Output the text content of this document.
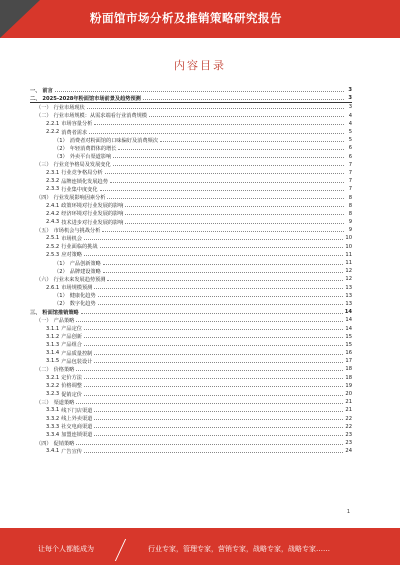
粉面馆市场分析及推销策略研究报告
内容目录
一、 前言	3
二、 2025-2028年粉面馆市场前景及趋势预测	3
（一） 行业市场现状	3
（二） 行业市场规模：从需求端看行业消费规模	4
2.2.1 市场容量分析	4
2.2.2 消费者需求	5
（1） 消费者对粉面馆的口味偏好及消费频次	5
（2） 年轻消费群体的增长	6
（3） 外卖平台渠道影响	6
（三） 行业竞争格局及发展变化	7
2.3.1 行业竞争格局分析	7
2.3.2 品牌连锁化发展趋势	7
2.3.3 行业集中度变化	7
（四） 行业发展影响因素分析	8
2.4.1 政策环境对行业发展的影响	8
2.4.2 经济环境对行业发展的影响	8
2.4.3 技术进步对行业发展的影响	9
（五） 市场机会与挑战分析	9
2.5.1 市场机会	10
2.5.2 行业面临的挑战	10
2.5.3 应对策略	11
（1） 产品创新策略	11
（2） 品牌建设策略	12
（六） 行业未来发展趋势预测	12
2.6.1 市场规模预测	13
（1） 健康化趋势	13
（2） 数字化趋势	13
三、 粉面馆推销策略	14
（一） 产品策略	14
3.1.1 产品定位	14
3.1.2 产品创新	15
3.1.3 产品组合	15
3.1.4 产品质量控制	16
3.1.5 产品包装设计	17
（二） 价格策略	18
3.2.1 定价方法	18
3.2.2 价格调整	19
3.2.3 促销定价	20
（三） 渠道策略	21
3.3.1 线下门店渠道	21
3.3.2 线上外卖渠道	22
3.3.3 社交电商渠道	22
3.3.4 加盟连锁渠道	23
（四） 促销策略	23
3.4.1 广告宣传	24
1
让每个人都能成为	行业专家，管理专家，营销专家，战略专家，战略专家……
